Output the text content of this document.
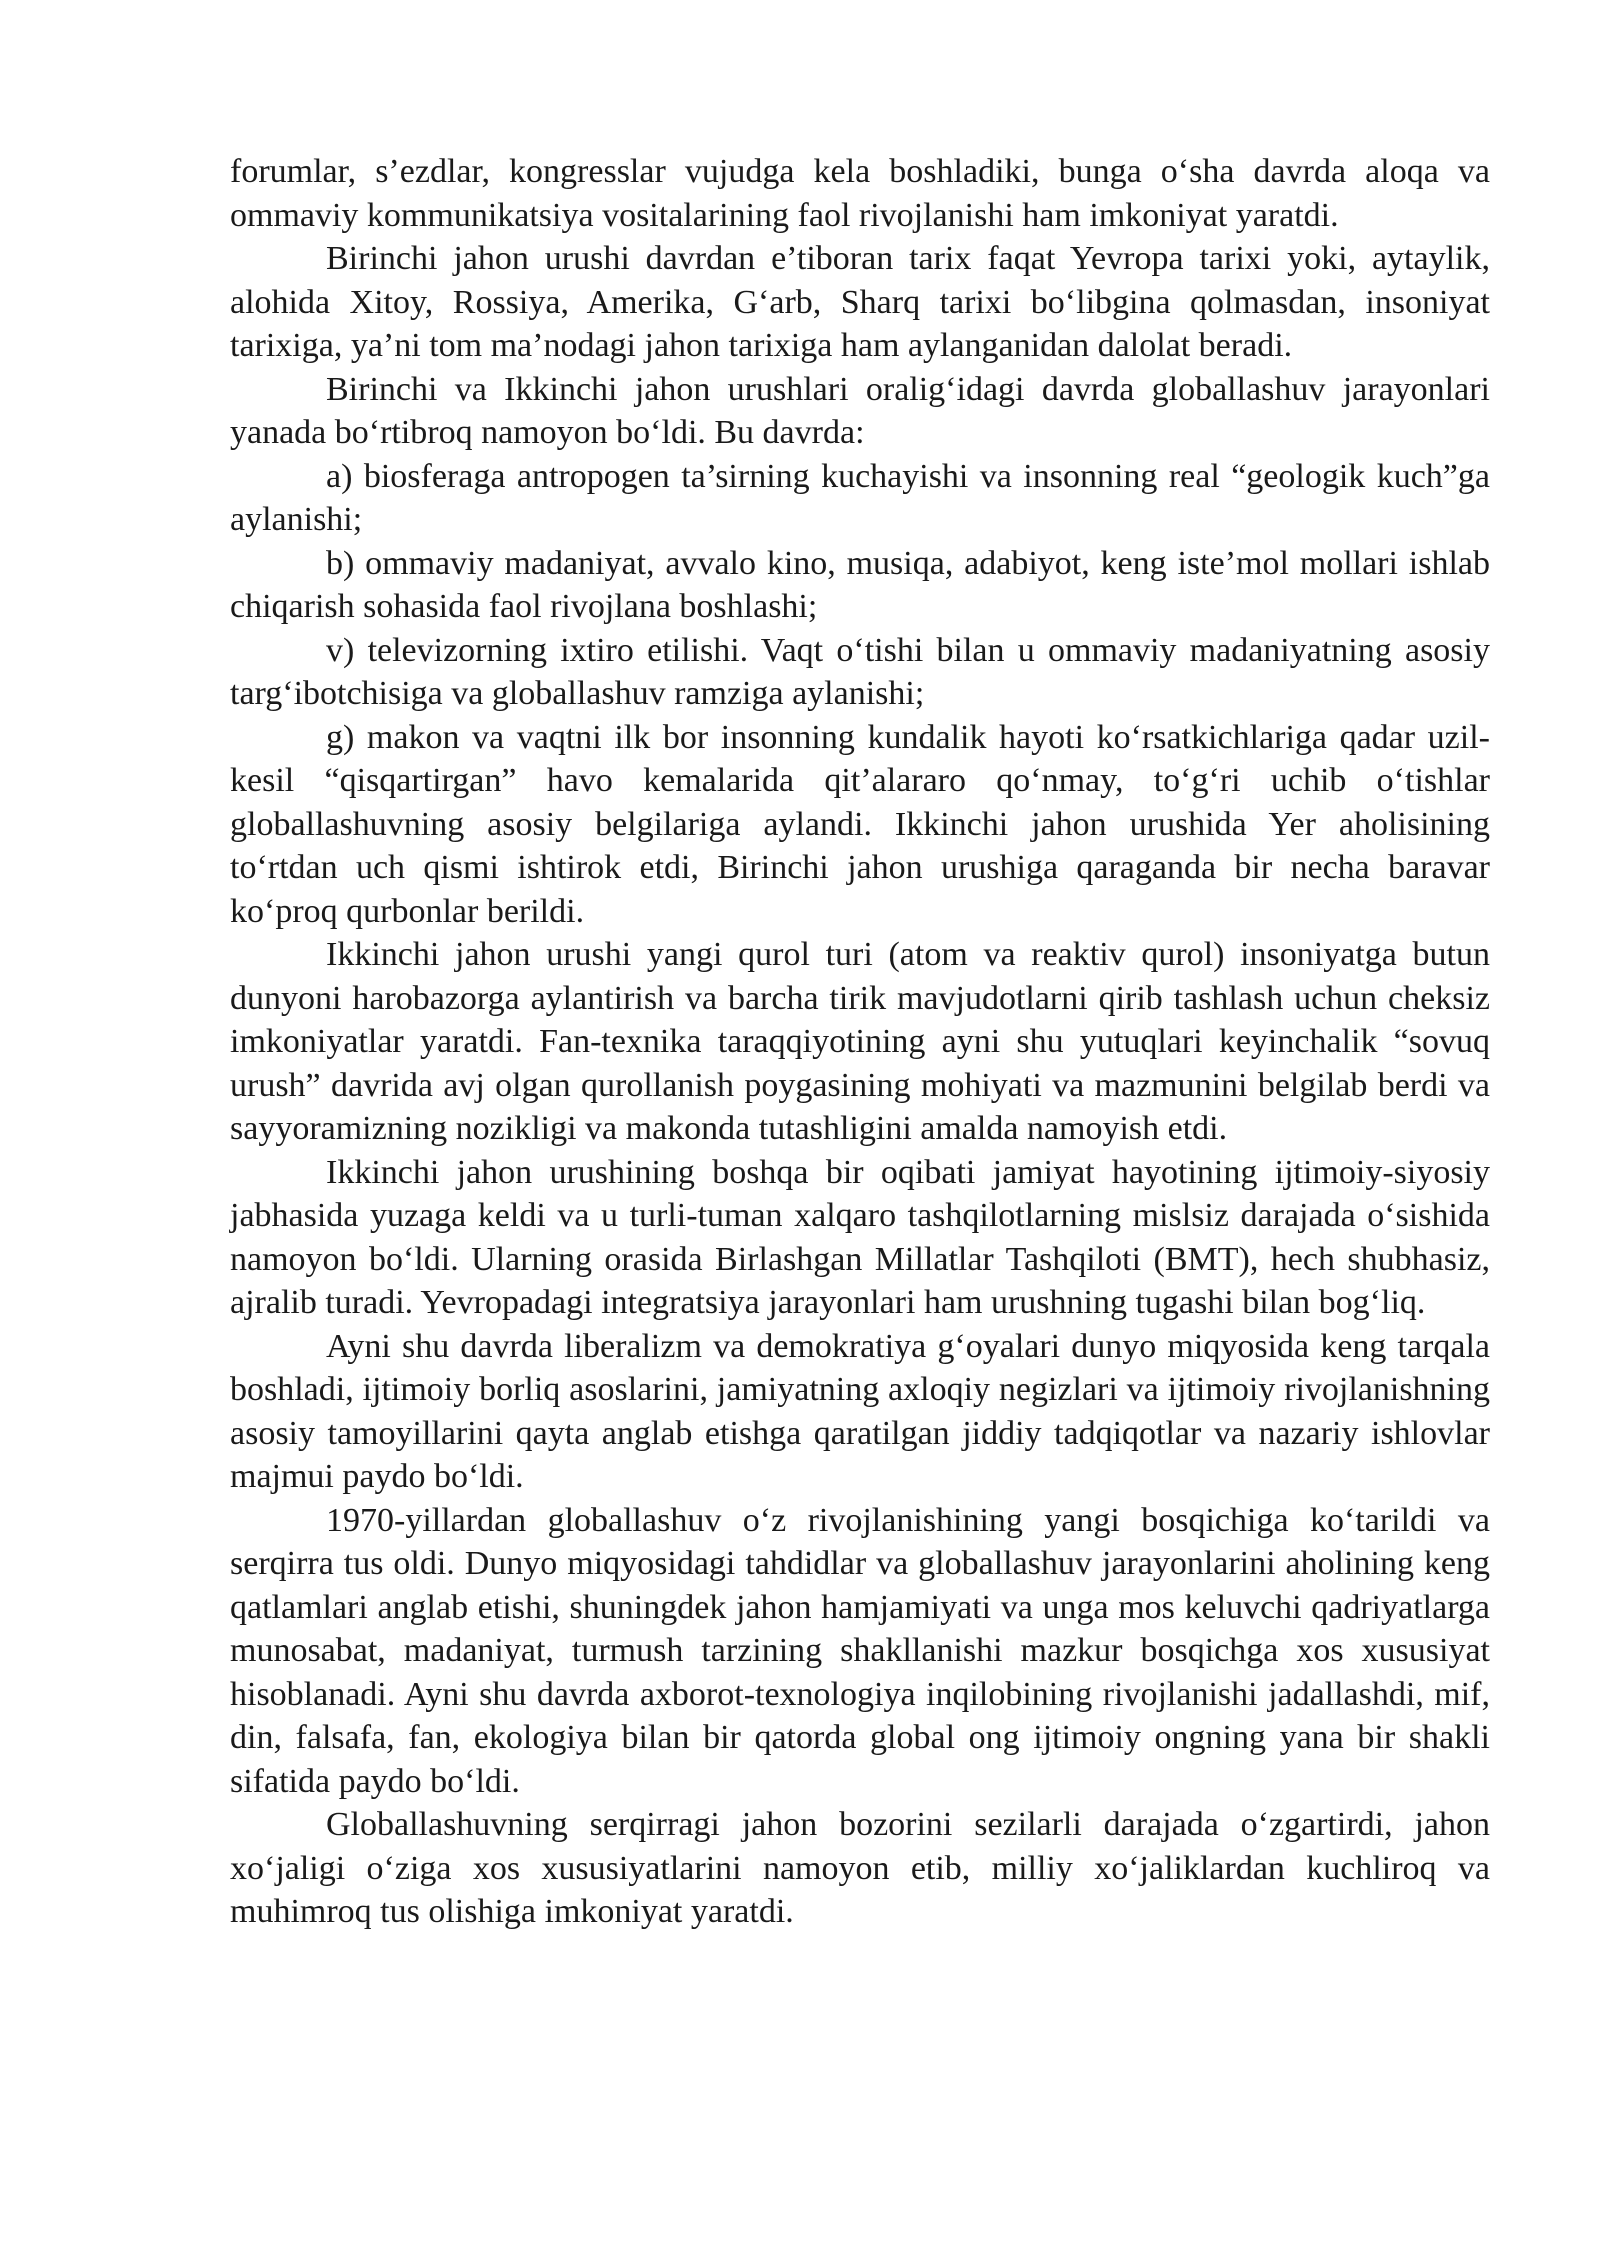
forumlar, s’ezdlar, kongresslar vujudga kela boshladiki, bunga o‘sha davrda aloqa va ommaviy kommunikatsiya vositalarining faol rivojlanishi ham imkoniyat yaratdi.

Birinchi jahon urushi davrdan e’tiboran tarix faqat Yevropa tarixi yoki, aytaylik, alohida Xitoy, Rossiya, Amerika, G‘arb, Sharq tarixi bo‘libgina qolmasdan, insoniyat tarixiga, ya’ni tom ma’nodagi jahon tarixiga ham aylanganidan dalolat beradi.

Birinchi va Ikkinchi jahon urushlari oralig‘idagi davrda globallashuv jarayonlari yanada bo‘rtibroq namoyon bo‘ldi. Bu davrda:

a) biosferaga antropogen ta’sirning kuchayishi va insonning real “geologik kuch”ga aylanishi;

b) ommaviy madaniyat, avvalo kino, musiqa, adabiyot, keng iste’mol mollari ishlab chiqarish sohasida faol rivojlana boshlashi;

v) televizorning ixtiro etilishi. Vaqt o‘tishi bilan u ommaviy madaniyatning asosiy targ‘ibotchisiga va globallashuv ramziga aylanishi;

g) makon va vaqtni ilk bor insonning kundalik hayoti ko‘rsatkichlariga qadar uzil-kesil “qisqartirgan” havo kemalarida qit’alararo qo‘nmay, to‘g‘ri uchib o‘tishlar globallashuvning asosiy belgilariga aylandi. Ikkinchi jahon urushida Yer aholisining to‘rtdan uch qismi ishtirok etdi, Birinchi jahon urushiga qaraganda bir necha baravar ko‘proq qurbonlar berildi.

Ikkinchi jahon urushi yangi qurol turi (atom va reaktiv qurol) insoniyatga butun dunyoni harobazorga aylantirish va barcha tirik mavjudotlarni qirib tashlash uchun cheksiz imkoniyatlar yaratdi. Fan-texnika taraqqiyotining ayni shu yutuqlari keyinchalik “sovuq urush” davrida avj olgan qurollanish poygasining mohiyati va mazmunini belgilab berdi va sayyoramizning nozikligi va makonda tutashligini amalda namoyish etdi.

Ikkinchi jahon urushining boshqa bir oqibati jamiyat hayotining ijtimoiy-siyosiy jabhasida yuzaga keldi va u turli-tuman xalqaro tashqilotlarning mislsiz darajada o‘sishida namoyon bo‘ldi. Ularning orasida Birlashgan Millatlar Tashqiloti (BMT), hech shubhasiz, ajralib turadi. Yevropadagi integratsiya jarayonlari ham urushning tugashi bilan bog‘liq.

Ayni shu davrda liberalizm va demokratiya g‘oyalari dunyo miqyosida keng tarqala boshladi, ijtimoiy borliq asoslarini, jamiyatning axloqiy negizlari va ijtimoiy rivojlanishning asosiy tamoyillarini qayta anglab etishga qaratilgan jiddiy tadqiqotlar va nazariy ishlovlar majmui paydo bo‘ldi.

1970-yillardan globallashuv o‘z rivojlanishining yangi bosqichiga ko‘tarildi va serqirra tus oldi. Dunyo miqyosidagi tahdidlar va globallashuv jarayonlarini aholining keng qatlamlari anglab etishi, shuningdek jahon hamjamiyati va unga mos keluvchi qadriyatlarga munosabat, madaniyat, turmush tarzining shakllanishi mazkur bosqichga xos xususiyat hisoblanadi. Ayni shu davrda axborot-texnologiya inqilobining rivojlanishi jadallashdi, mif, din, falsafa, fan, ekologiya bilan bir qatorda global ong ijtimoiy ongning yana bir shakli sifatida paydo bo‘ldi.

Globallashuvning serqirragi jahon bozorini sezilarli darajada o‘zgartirdi, jahon xo‘jaligi o‘ziga xos xususiyatlarini namoyon etib, milliy xo‘jaliklardan kuchliroq va muhimroq tus olishiga imkoniyat yaratdi.
